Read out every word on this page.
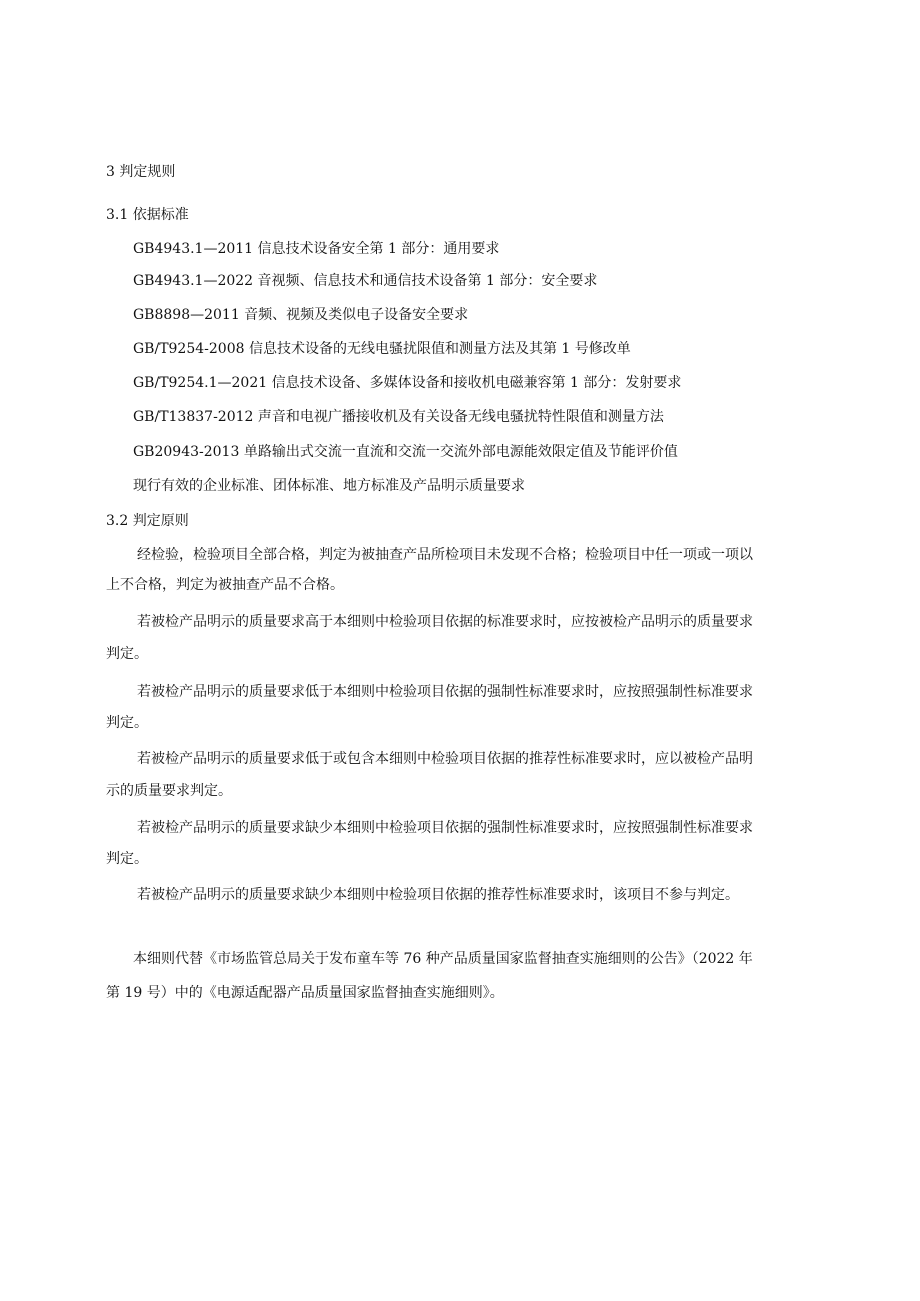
3 判定规则
3.1 依据标准
GB4943.1—2011 信息技术设备安全第 1 部分：通用要求
GB4943.1—2022 音视频、信息技术和通信技术设备第 1 部分：安全要求
GB8898—2011 音频、视频及类似电子设备安全要求
GB/T9254-2008 信息技术设备的无线电骚扰限值和测量方法及其第 1 号修改单
GB/T9254.1—2021 信息技术设备、多媒体设备和接收机电磁兼容第 1 部分：发射要求
GB/T13837-2012 声音和电视广播接收机及有关设备无线电骚扰特性限值和测量方法
GB20943-2013 单路输出式交流一直流和交流一交流外部电源能效限定值及节能评价值
现行有效的企业标准、团体标准、地方标准及产品明示质量要求
3.2 判定原则
经检验，检验项目全部合格，判定为被抽查产品所检项目未发现不合格；检验项目中任一项或一项以
上不合格，判定为被抽查产品不合格。
若被检产品明示的质量要求高于本细则中检验项目依据的标准要求时，应按被检产品明示的质量要求
判定。
若被检产品明示的质量要求低于本细则中检验项目依据的强制性标准要求时，应按照强制性标准要求
判定。
若被检产品明示的质量要求低于或包含本细则中检验项目依据的推荐性标准要求时，应以被检产品明
示的质量要求判定。
若被检产品明示的质量要求缺少本细则中检验项目依据的强制性标准要求时，应按照强制性标准要求
判定。
若被检产品明示的质量要求缺少本细则中检验项目依据的推荐性标准要求时，该项目不参与判定。
本细则代替《市场监管总局关于发布童车等 76 种产品质量国家监督抽查实施细则的公告》（2022 年
第 19 号）中的《电源适配器产品质量国家监督抽查实施细则》。
